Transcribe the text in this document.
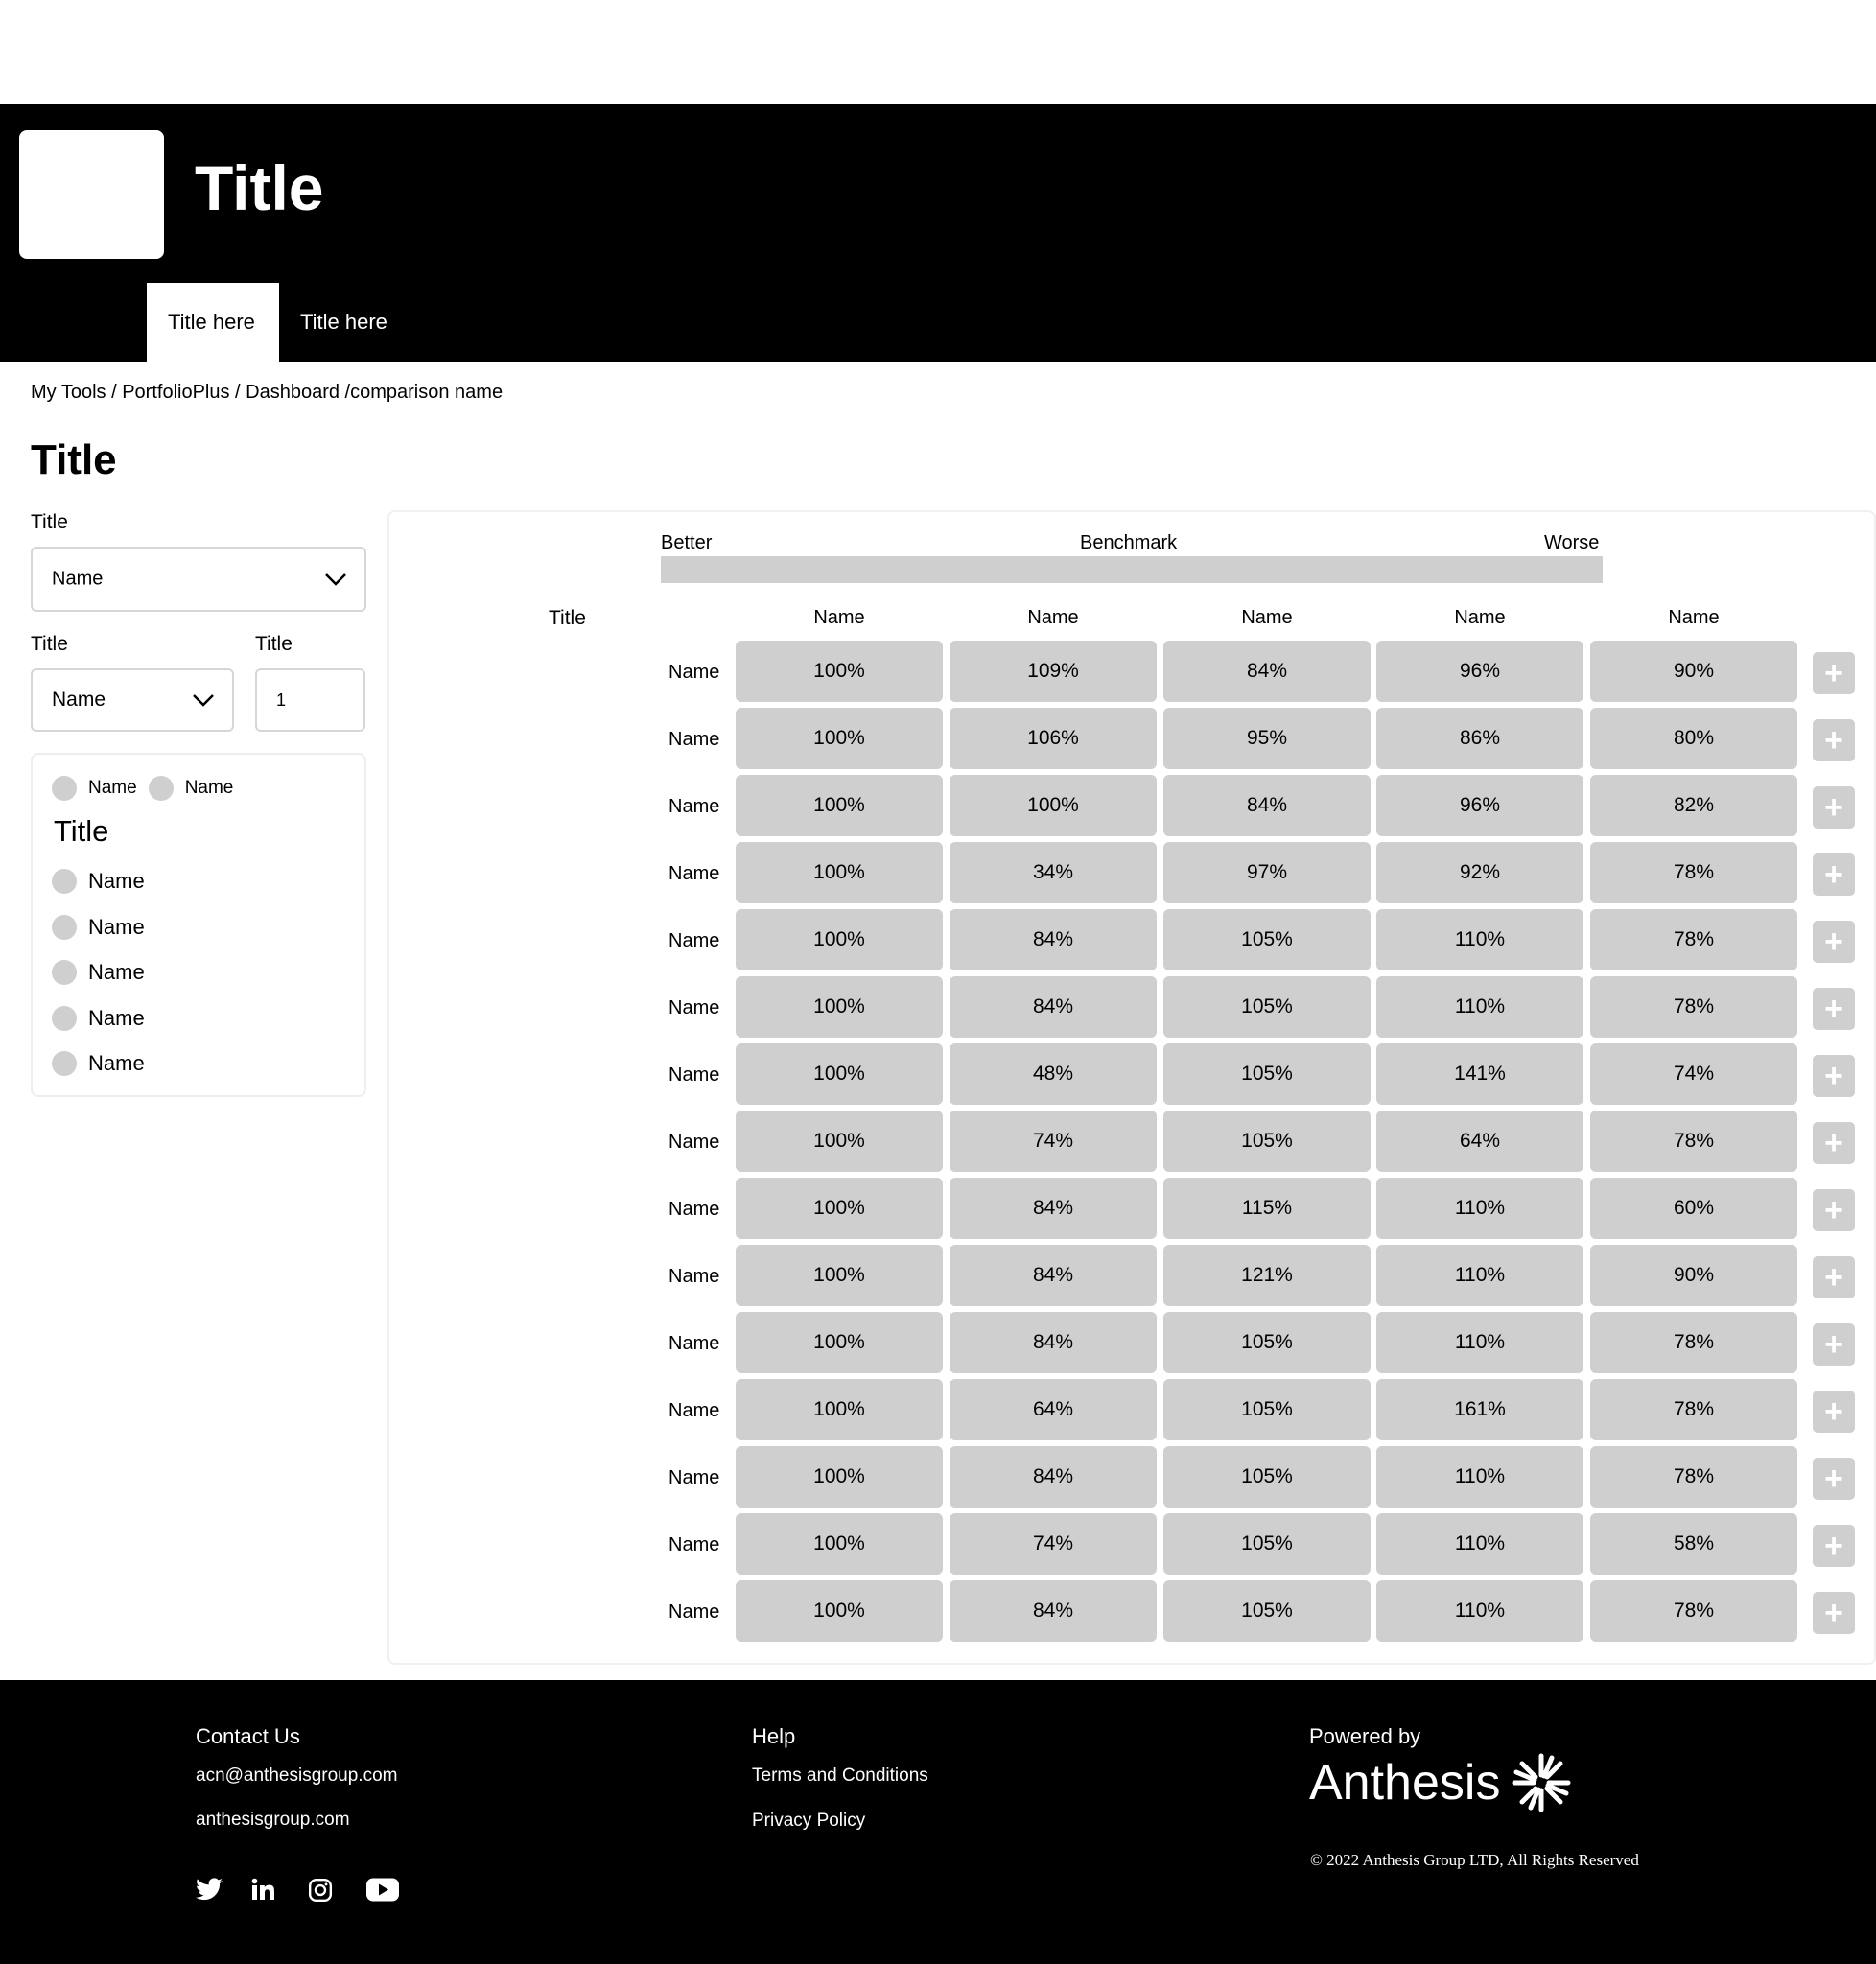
Title
Title here	Title here
My Tools / PortfolioPlus / Dashboard /comparison name
Title
Title
Name
Title	Title
Name
1
Name	Name
Title
Name
Name
Name
Name
Name
Better	Benchmark	Worse
Title	Name	Name	Name	Name	Name
Name	100%	109%	84%	96%	90%	+
Name	100%	106%	95%	86%	80%	+
Name	100%	100%	84%	96%	82%	+
Name	100%	34%	97%	92%	78%	+
Name	100%	84%	105%	110%	78%	+
Name	100%	84%	105%	110%	78%	+
Name	100%	48%	105%	141%	74%	+
Name	100%	74%	105%	64%	78%	+
Name	100%	84%	115%	110%	60%	+
Name	100%	84%	121%	110%	90%	+
Name	100%	84%	105%	110%	78%	+
Name	100%	64%	105%	161%	78%	+
Name	100%	84%	105%	110%	78%	+
Name	100%	74%	105%	110%	58%	+
Name	100%	84%	105%	110%	78%	+
Contact Us
acn@anthesisgroup.com
anthesisgroup.com
Help
Terms and Conditions
Privacy Policy
Powered by
Anthesis
© 2022 Anthesis Group LTD, All Rights Reserved
